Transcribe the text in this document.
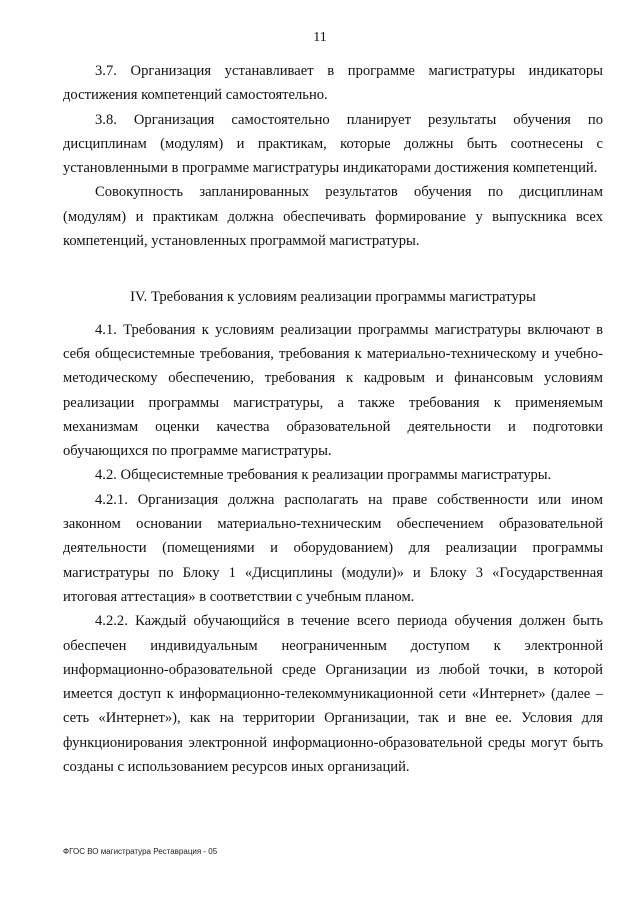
11

3.7. Организация устанавливает в программе магистратуры индикаторы достижения компетенций самостоятельно.

3.8. Организация самостоятельно планирует результаты обучения по дисциплинам (модулям) и практикам, которые должны быть соотнесены с установленными в программе магистратуры индикаторами достижения компетенций.

Совокупность запланированных результатов обучения по дисциплинам (модулям) и практикам должна обеспечивать формирование у выпускника всех компетенций, установленных программой магистратуры.

IV. Требования к условиям реализации программы магистратуры

4.1. Требования к условиям реализации программы магистратуры включают в себя общесистемные требования, требования к материально-техническому и учебно-методическому обеспечению, требования к кадровым и финансовым условиям реализации программы магистратуры, а также требования к применяемым механизмам оценки качества образовательной деятельности и подготовки обучающихся по программе магистратуры.

4.2. Общесистемные требования к реализации программы магистратуры.

4.2.1. Организация должна располагать на праве собственности или ином законном основании материально-техническим обеспечением образовательной деятельности (помещениями и оборудованием) для реализации программы магистратуры по Блоку 1 «Дисциплины (модули)» и Блоку 3 «Государственная итоговая аттестация» в соответствии с учебным планом.

4.2.2. Каждый обучающийся в течение всего периода обучения должен быть обеспечен индивидуальным неограниченным доступом к электронной информационно-образовательной среде Организации из любой точки, в которой имеется доступ к информационно-телекоммуникационной сети «Интернет» (далее – сеть «Интернет»), как на территории Организации, так и вне ее. Условия для функционирования электронной информационно-образовательной среды могут быть созданы с использованием ресурсов иных организаций.

ФГОС ВО магистратура Реставрация - 05
